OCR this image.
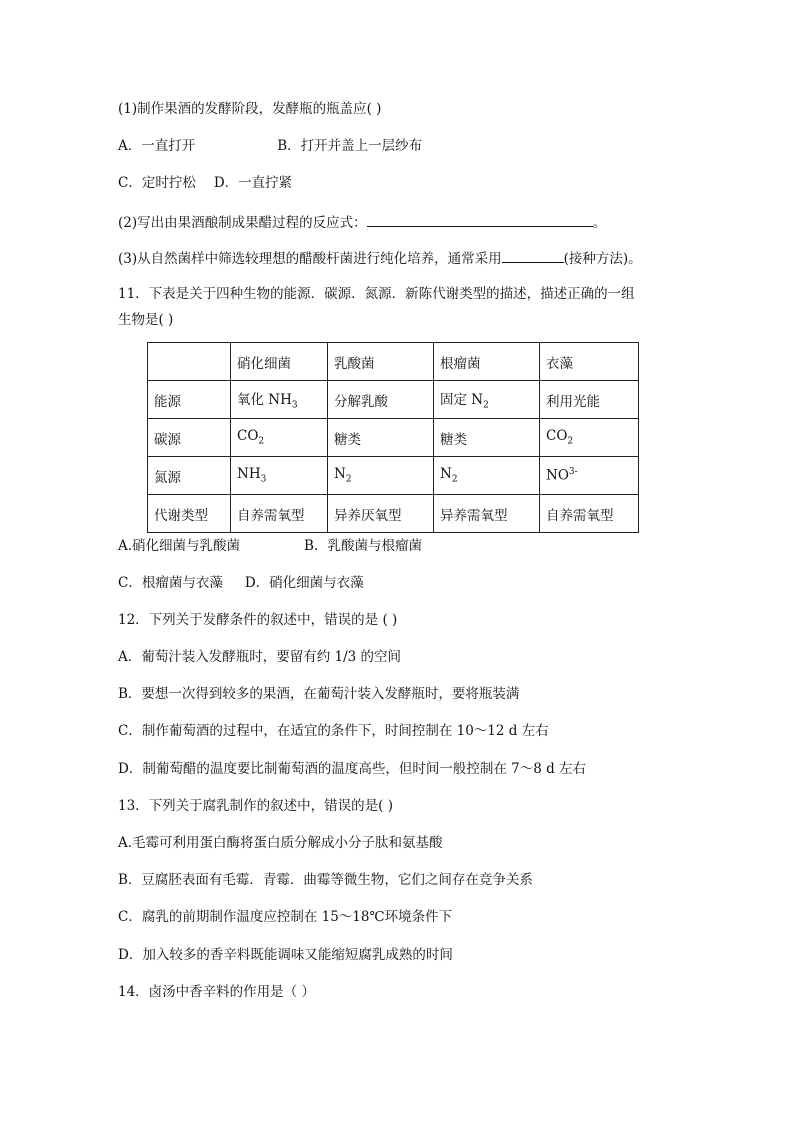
(1)制作果酒的发酵阶段，发酵瓶的瓶盖应( )
A．一直打开	B．打开并盖上一层纱布
C．定时拧松 D．一直拧紧
(2)写出由果酒酿制成果醋过程的反应式：	。
(3)从自然菌样中筛选较理想的醋酸杆菌进行纯化培养，通常采用	(接种方法)。
11．下表是关于四种生物的能源．碳源．氮源．新陈代谢类型的描述，描述正确的一组
生物是( )
	硝化细菌	乳酸菌	根瘤菌	衣藻
能源	氧化 $NH_3$	分解乳酸	固定 $N_2$	利用光能
碳源	$CO_2$	糖类	糖类	$CO_2$
氮源	$NH_3$	$N_2$	$N_2$	$NO^{3-}$
代谢类型	自养需氧型	异养厌氧型	异养需氧型	自养需氧型
A.硝化细菌与乳酸菌	B．乳酸菌与根瘤菌
C．根瘤菌与衣藻 D．硝化细菌与衣藻
12．下列关于发酵条件的叙述中，错误的是 ( )
A．葡萄汁装入发酵瓶时，要留有约 1/3 的空间
B．要想一次得到较多的果酒，在葡萄汁装入发酵瓶时，要将瓶装满
C．制作葡萄酒的过程中，在适宜的条件下，时间控制在 10～12 d 左右
D．制葡萄醋的温度要比制葡萄酒的温度高些，但时间一般控制在 7～8 d 左右
13．下列关于腐乳制作的叙述中，错误的是( )
A.毛霉可利用蛋白酶将蛋白质分解成小分子肽和氨基酸
B．豆腐胚表面有毛霉．青霉．曲霉等微生物，它们之间存在竞争关系
C．腐乳的前期制作温度应控制在 15～18℃环境条件下
D．加入较多的香辛料既能调味又能缩短腐乳成熟的时间
14．卤汤中香辛料的作用是（ ）
